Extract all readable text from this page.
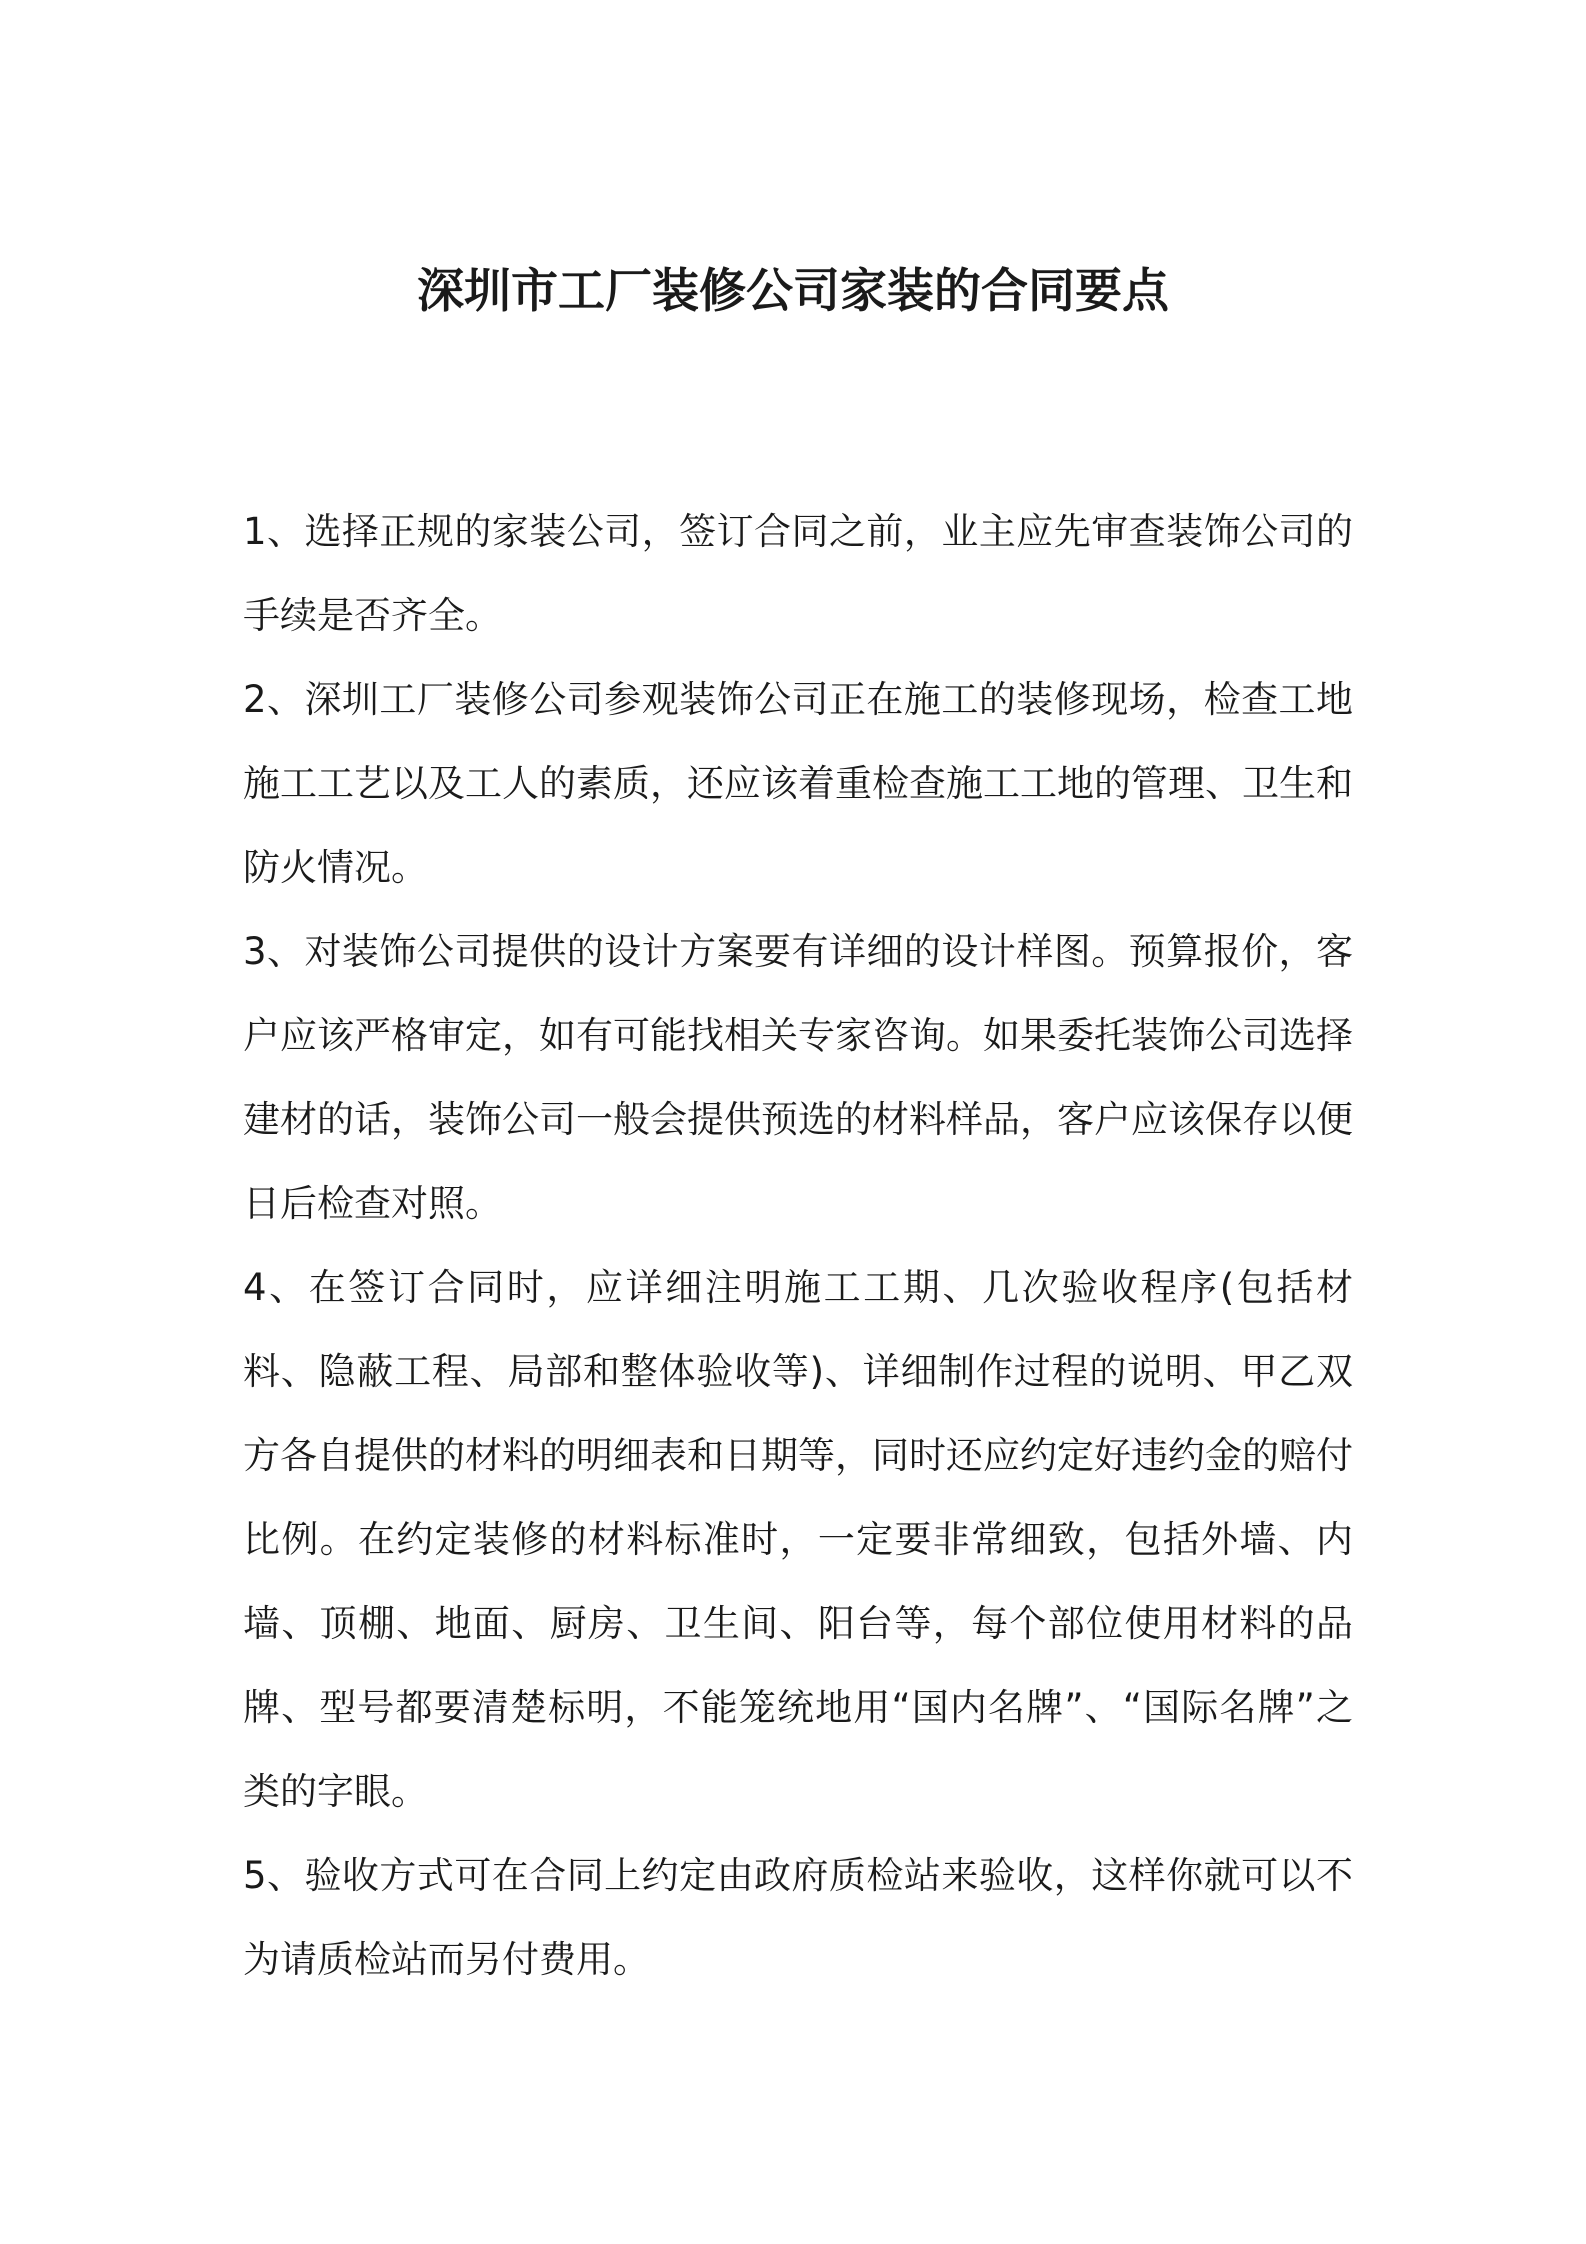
深圳市工厂装修公司家装的合同要点

1、选择正规的家装公司，签订合同之前，业主应先审查装饰公司的手续是否齐全。

2、深圳工厂装修公司参观装饰公司正在施工的装修现场，检查工地施工工艺以及工人的素质，还应该着重检查施工工地的管理、卫生和防火情况。

3、对装饰公司提供的设计方案要有详细的设计样图。预算报价，客户应该严格审定，如有可能找相关专家咨询。如果委托装饰公司选择建材的话，装饰公司一般会提供预选的材料样品，客户应该保存以便日后检查对照。

4、在签订合同时，应详细注明施工工期、几次验收程序(包括材料、隐蔽工程、局部和整体验收等)、详细制作过程的说明、甲乙双方各自提供的材料的明细表和日期等，同时还应约定好违约金的赔付比例。在约定装修的材料标准时，一定要非常细致，包括外墙、内墙、顶棚、地面、厨房、卫生间、阳台等，每个部位使用材料的品牌、型号都要清楚标明，不能笼统地用“国内名牌”、“国际名牌”之类的字眼。

5、验收方式可在合同上约定由政府质检站来验收，这样你就可以不为请质检站而另付费用。
